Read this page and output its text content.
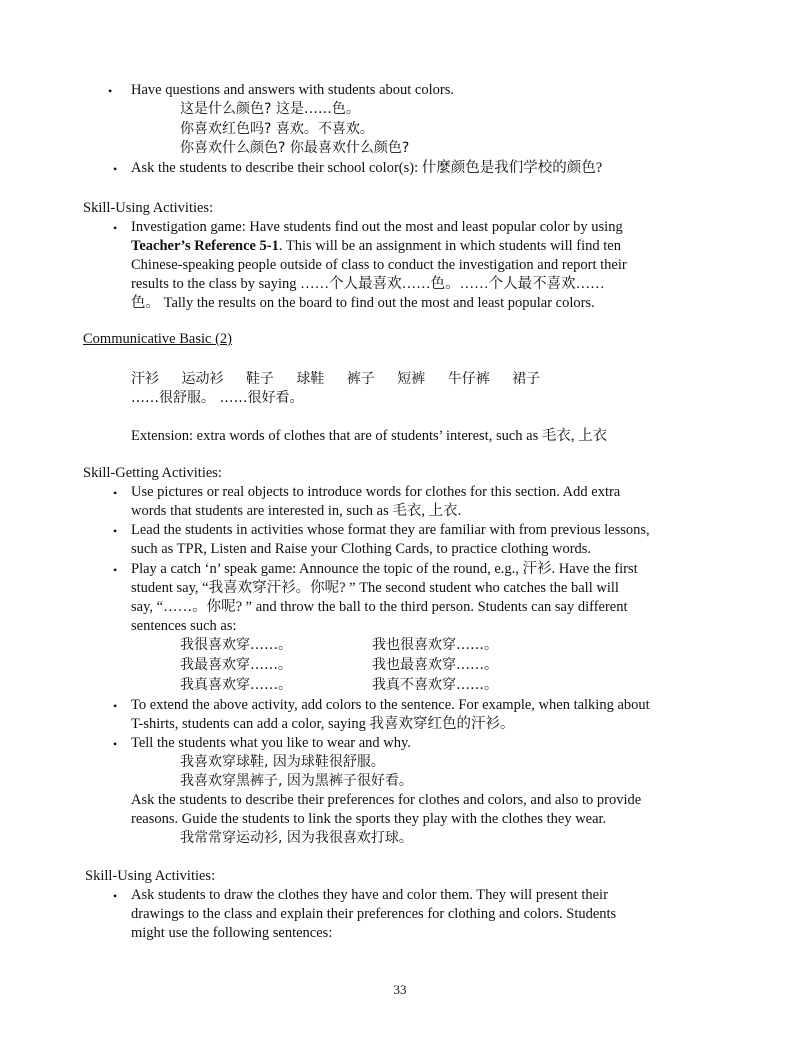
• Have questions and answers with students about colors.
这是什么颜色? 这是……色。
你喜欢红色吗? 喜欢。不喜欢。
你喜欢什么颜色? 你最喜欢什么颜色?
• Ask the students to describe their school color(s): 什麼颜色是我们学校的颜色?
Skill-Using Activities:
• Investigation game: Have students find out the most and least popular color by using
Teacher’s Reference 5-1. This will be an assignment in which students will find ten
Chinese-speaking people outside of class to conduct the investigation and report their
results to the class by saying ……个人最喜欢……色。……个人最不喜欢……
色。 Tally the results on the board to find out the most and least popular colors.
Communicative Basic (2)
汗衫 运动衫 鞋子 球鞋 裤子 短裤 牛仔裤 裙子
……很舒服。 ……很好看。
Extension: extra words of clothes that are of students’ interest, such as 毛衣, 上衣
Skill-Getting Activities:
• Use pictures or real objects to introduce words for clothes for this section. Add extra
words that students are interested in, such as 毛衣, 上衣.
• Lead the students in activities whose format they are familiar with from previous lessons,
such as TPR, Listen and Raise your Clothing Cards, to practice clothing words.
• Play a catch ‘n’ speak game: Announce the topic of the round, e.g., 汗衫. Have the first
student say, “我喜欢穿汗衫。你呢? ” The second student who catches the ball will
say, “……。你呢? ” and throw the ball to the third person. Students can say different
sentences such as:
我很喜欢穿……。
我最喜欢穿……。
我真喜欢穿……。
我也很喜欢穿……。
我也最喜欢穿……。
我真不喜欢穿……。
• To extend the above activity, add colors to the sentence. For example, when talking about
T-shirts, students can add a color, saying 我喜欢穿红色的汗衫。
• Tell the students what you like to wear and why.
我喜欢穿球鞋, 因为球鞋很舒服。
我喜欢穿黑裤子, 因为黑裤子很好看。
Ask the students to describe their preferences for clothes and colors, and also to provide
reasons. Guide the students to link the sports they play with the clothes they wear.
我常常穿运动衫, 因为我很喜欢打球。
Skill-Using Activities:
• Ask students to draw the clothes they have and color them. They will present their
drawings to the class and explain their preferences for clothing and colors. Students
might use the following sentences:
33
